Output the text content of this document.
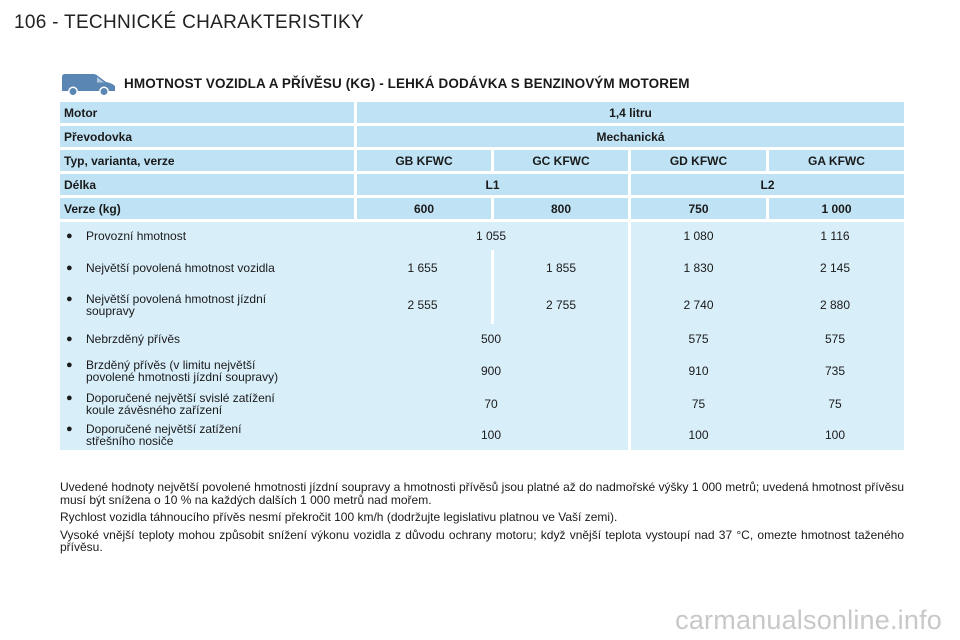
106 - TECHNICKÉ CHARAKTERISTIKY
HMOTNOST VOZIDLA A PŘÍVĚSU (KG) - LEHKÁ DODÁVKA S BENZINOVÝM MOTOREM
Motor	1,4 litru			
Převodovka	Mechanická			
Typ, varianta, verze	GB KFWC	GC KFWC	GD KFWC	GA KFWC
Délka	L1		L2	
Verze (kg)	600	800	750	1 000

● Provozní hmotnost	1 055		1 080	1 116

● Největší povolená hmotnost vozidla	1 655	1 855	1 830	2 145

● Největší povolená hmotnost jízdní
soupravy	2 555	2 755	2 740	2 880

● Nebrzděný přívěs	500		575	575

● Brzděný přívěs (v limitu největší
povolené hmotnosti jízdní soupravy)	900		910	735

● Doporučené největší svislé zatížení
koule závěsného zařízení	70		75	75

● Doporučené největší zatížení
střešního nosiče	100		100	100

Uvedené hodnoty největší povolené hmotnosti jízdní soupravy a hmotnosti přívěsů jsou platné až do nadmořské výšky 1 000 metrů; uvedená hmotnost přívěsu musí být snížena o 10 % na každých dalších 1 000 metrů nad mořem.

Rychlost vozidla táhnoucího přívěs nesmí překročit 100 km/h (dodržujte legislativu platnou ve Vaší zemi).

Vysoké vnější teploty mohou způsobit snížení výkonu vozidla z důvodu ochrany motoru; když vnější teplota vystoupí nad 37 °C, omezte hmotnost taženého přívěsu.

carmanualsonline.info
